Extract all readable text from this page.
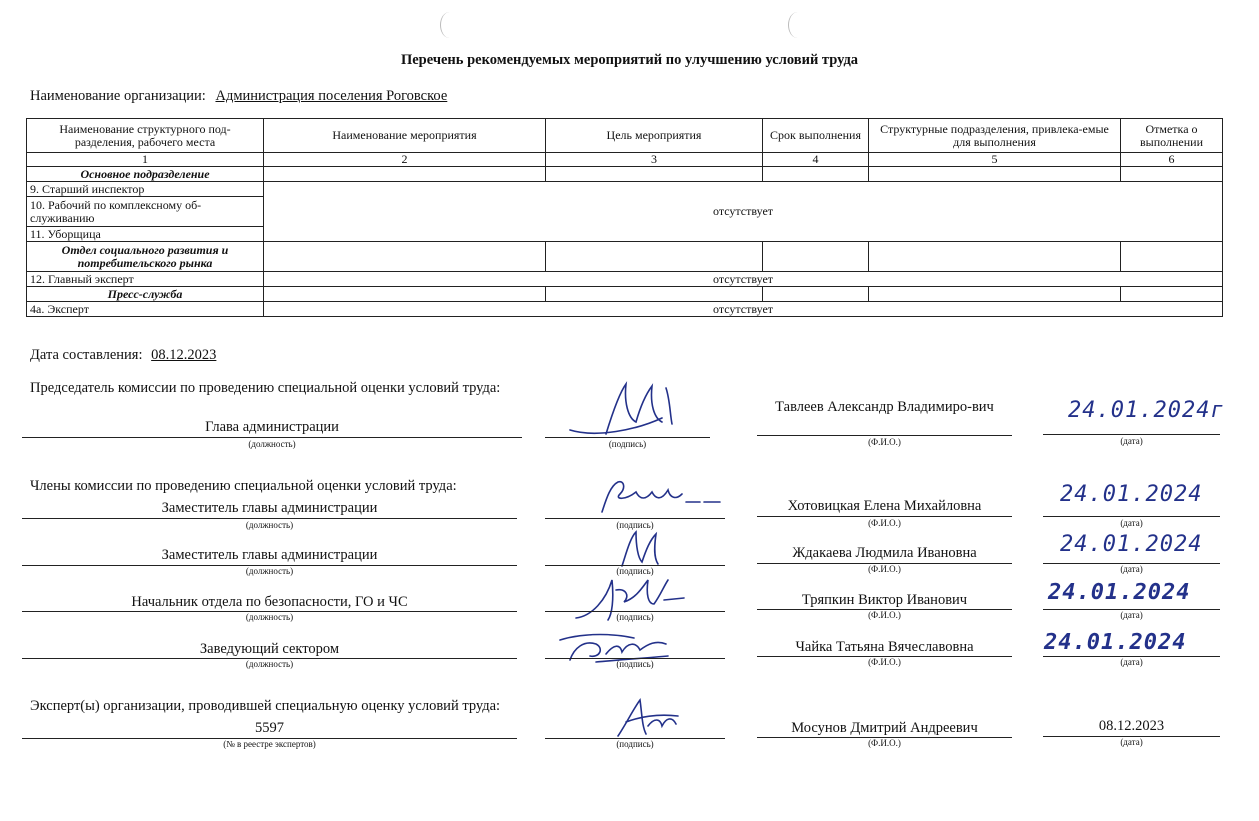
Перечень рекомендуемых мероприятий по улучшению условий труда
Наименование организации: Администрация поселения Роговское
Наименование структурного под-разделения, рабочего места	Наименование мероприятия	Цель мероприятия	Срок выполнения	Структурные подразделения, привлека-емые для выполнения	Отметка о выполнении
1	2	3	4	5	6
Основное подразделение					
9. Старший инспектор	отсутствует				
10. Рабочий по комплексному об-служиванию					
11. Уборщица					
Отдел социального развития и потребительского рынка					
12. Главный эксперт	отсутствует				
Пресс-служба					
4а. Эксперт	отсутствует				
Дата составления: 08.12.2023
Председатель комиссии по проведению специальной оценки условий труда:
Глава администрации
(должность)	(подпись)
Тавлеев Александр Владимиро-вич
(Ф.И.О.)
24.01.2024г
(дата)
Члены комиссии по проведению специальной оценки условий труда:
Заместитель главы администрации
(должность)	(подпись)
Хотовицкая Елена Михайловна
(Ф.И.О.)
24.01.2024
(дата)
Заместитель главы администрации
(должность)	(подпись)
Ждакаева Людмила Ивановна
(Ф.И.О.)
24.01.2024
(дата)
Начальник отдела по безопасности, ГО и ЧС
(должность)	(подпись)
Тряпкин Виктор Иванович
(Ф.И.О.)
24.01.2024
(дата)
Заведующий сектором
(должность)	(подпись)
Чайка Татьяна Вячеславовна
(Ф.И.О.)
24.01.2024
(дата)
Эксперт(ы) организации, проводившей специальную оценку условий труда:
5597
(№ в реестре экспертов)	(подпись)
Мосунов Дмитрий Андреевич
(Ф.И.О.)
08.12.2023
(дата)
